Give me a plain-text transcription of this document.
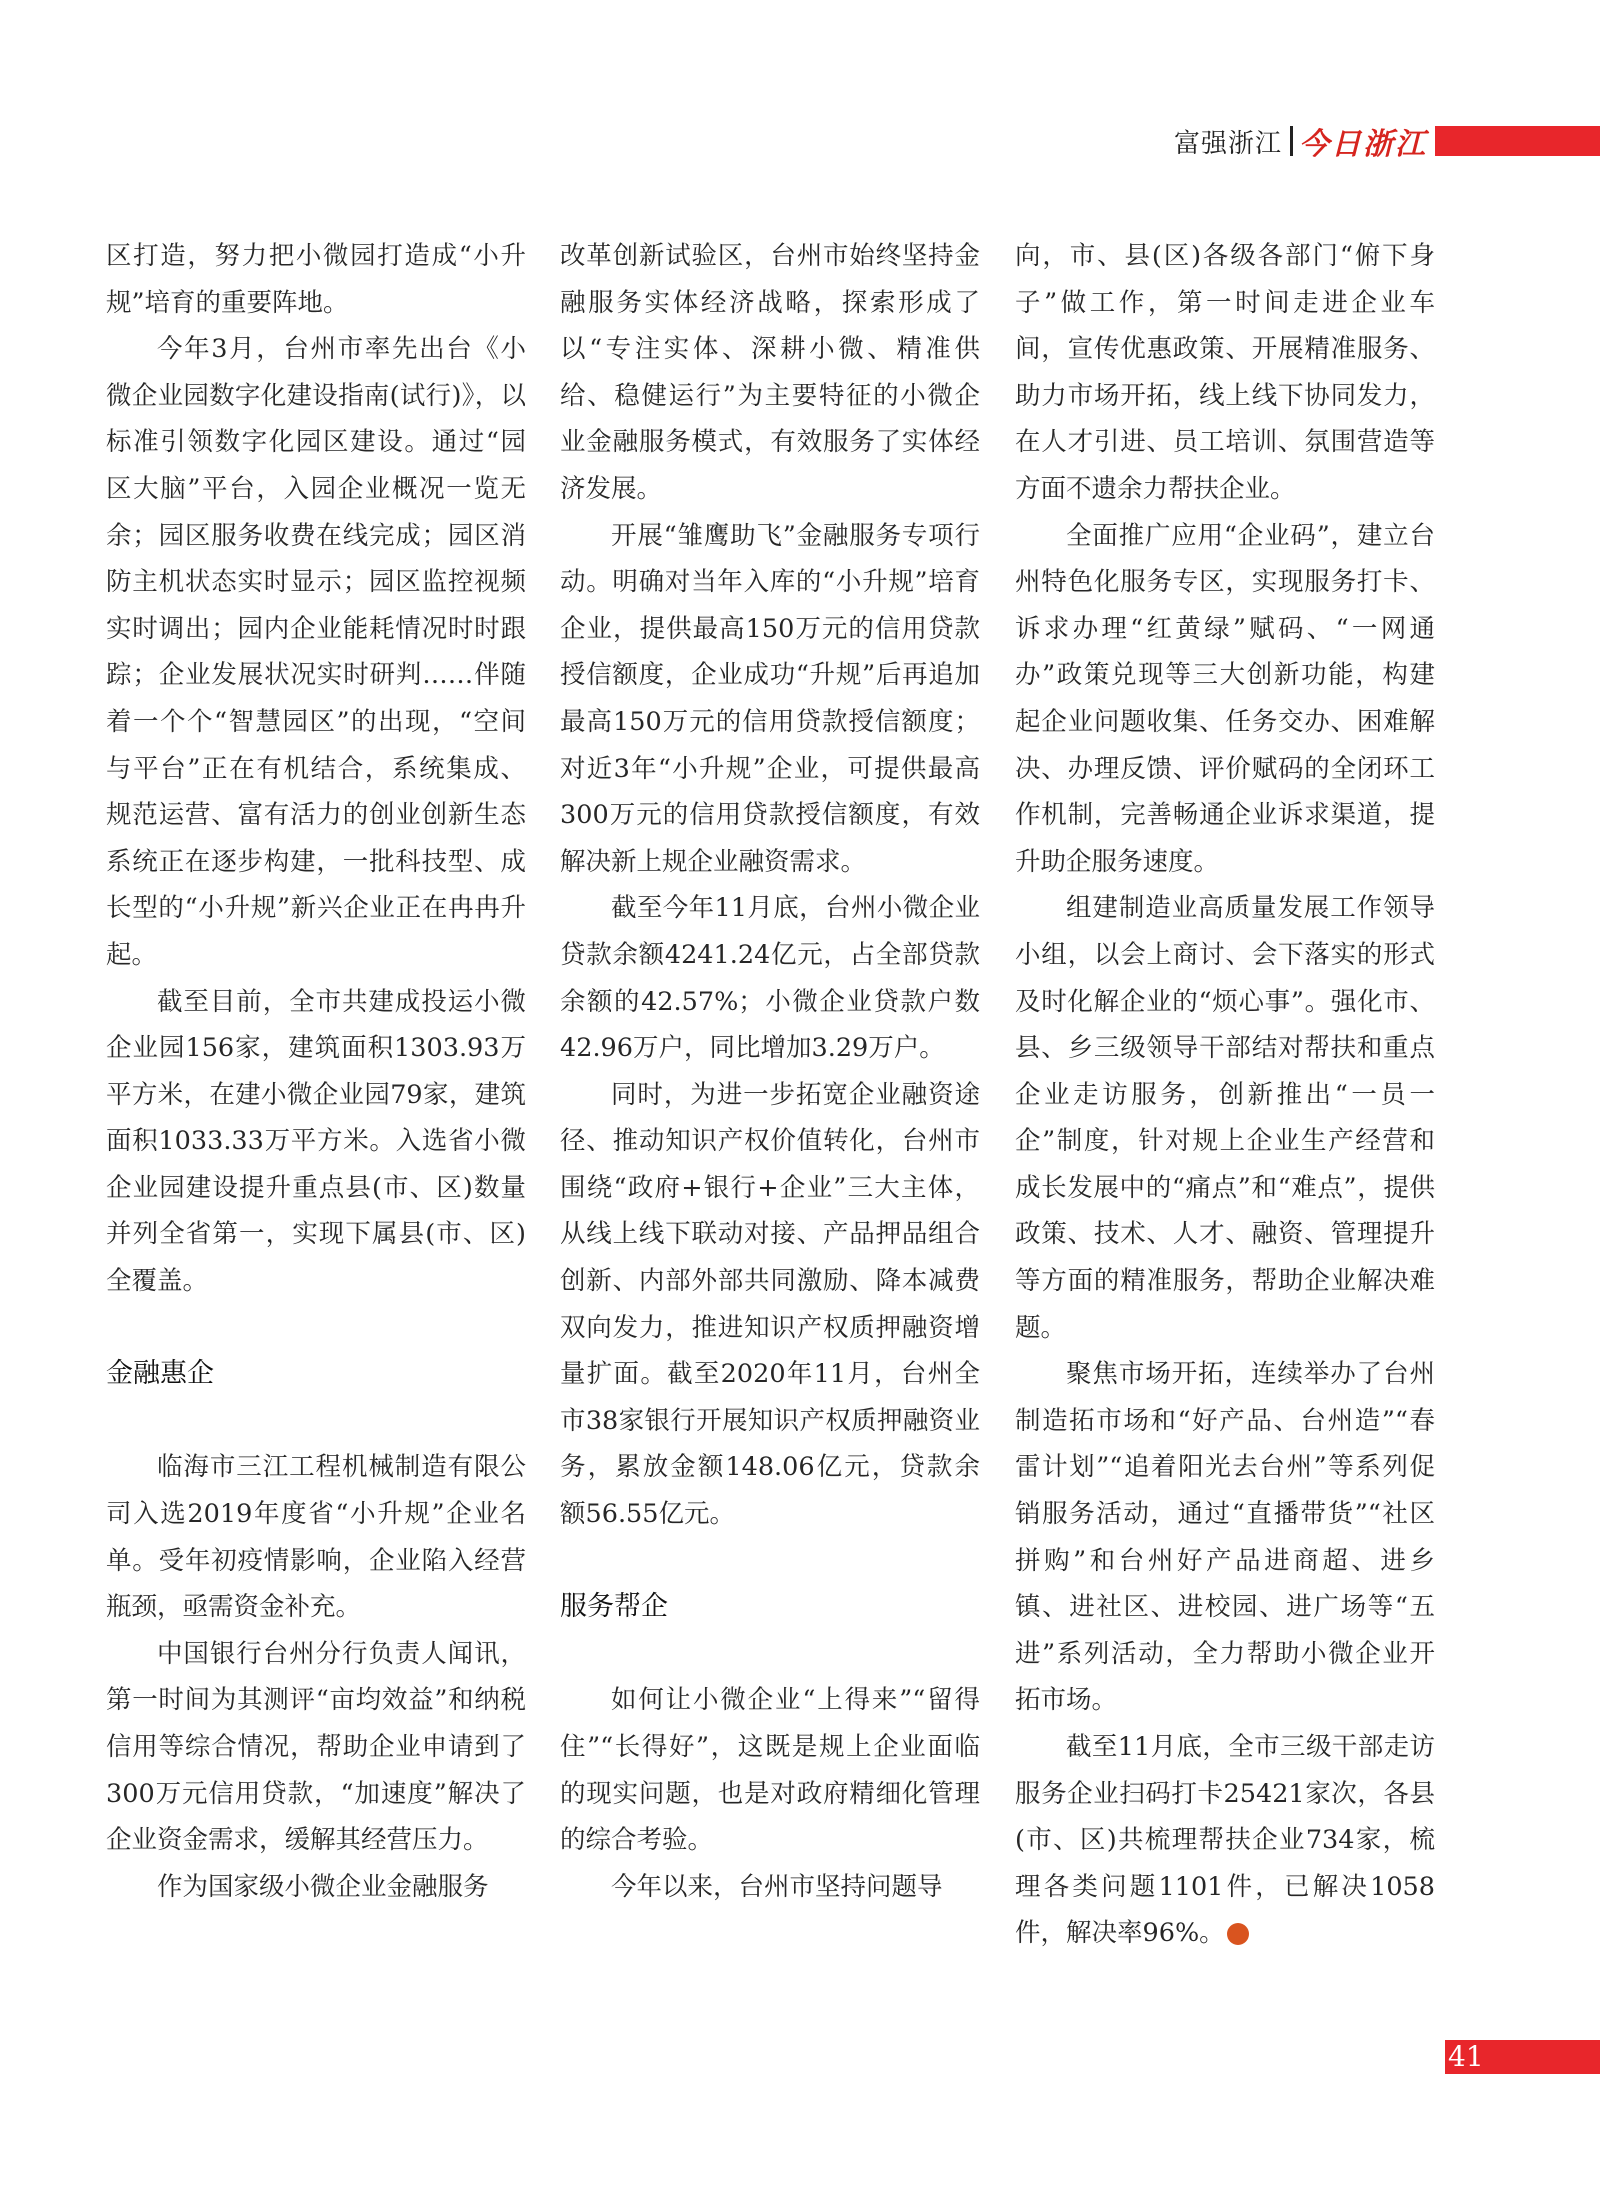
富强浙江 今日浙江

区打造，努力把小微园打造成“小升规”培育的重要阵地。

今年3月，台州市率先出台《小微企业园数字化建设指南(试行)》，以标准引领数字化园区建设。通过“园区大脑”平台，入园企业概况一览无余；园区服务收费在线完成；园区消防主机状态实时显示；园区监控视频实时调出；园内企业能耗情况时时跟踪；企业发展状况实时研判……伴随着一个个“智慧园区”的出现，“空间与平台”正在有机结合，系统集成、规范运营、富有活力的创业创新生态系统正在逐步构建，一批科技型、成长型的“小升规”新兴企业正在冉冉升起。

截至目前，全市共建成投运小微企业园156家，建筑面积1303.93万平方米，在建小微企业园79家，建筑面积1033.33万平方米。入选省小微企业园建设提升重点县(市、区)数量并列全省第一，实现下属县(市、区)全覆盖。

金融惠企

临海市三江工程机械制造有限公司入选2019年度省“小升规”企业名单。受年初疫情影响，企业陷入经营瓶颈，亟需资金补充。

中国银行台州分行负责人闻讯，第一时间为其测评“亩均效益”和纳税信用等综合情况，帮助企业申请到了300万元信用贷款，“加速度”解决了企业资金需求，缓解其经营压力。

作为国家级小微企业金融服务

改革创新试验区，台州市始终坚持金融服务实体经济战略，探索形成了以“专注实体、深耕小微、精准供给、稳健运行”为主要特征的小微企业金融服务模式，有效服务了实体经济发展。

开展“雏鹰助飞”金融服务专项行动。明确对当年入库的“小升规”培育企业，提供最高150万元的信用贷款授信额度，企业成功“升规”后再追加最高150万元的信用贷款授信额度；对近3年“小升规”企业，可提供最高300万元的信用贷款授信额度，有效解决新上规企业融资需求。

截至今年11月底，台州小微企业贷款余额4241.24亿元，占全部贷款余额的42.57%；小微企业贷款户数42.96万户，同比增加3.29万户。

同时，为进一步拓宽企业融资途径、推动知识产权价值转化，台州市围绕“政府+银行+企业”三大主体，从线上线下联动对接、产品押品组合创新、内部外部共同激励、降本减费双向发力，推进知识产权质押融资增量扩面。截至2020年11月，台州全市38家银行开展知识产权质押融资业务，累放金额148.06亿元，贷款余额56.55亿元。

服务帮企

如何让小微企业“上得来”“留得住”“长得好”，这既是规上企业面临的现实问题，也是对政府精细化管理的综合考验。

今年以来，台州市坚持问题导

向，市、县(区)各级各部门“俯下身子”做工作，第一时间走进企业车间，宣传优惠政策、开展精准服务、助力市场开拓，线上线下协同发力，在人才引进、员工培训、氛围营造等方面不遗余力帮扶企业。

全面推广应用“企业码”，建立台州特色化服务专区，实现服务打卡、诉求办理“红黄绿”赋码、“一网通办”政策兑现等三大创新功能，构建起企业问题收集、任务交办、困难解决、办理反馈、评价赋码的全闭环工作机制，完善畅通企业诉求渠道，提升助企服务速度。

组建制造业高质量发展工作领导小组，以会上商讨、会下落实的形式及时化解企业的“烦心事”。强化市、县、乡三级领导干部结对帮扶和重点企业走访服务，创新推出“一员一企”制度，针对规上企业生产经营和成长发展中的“痛点”和“难点”，提供政策、技术、人才、融资、管理提升等方面的精准服务，帮助企业解决难题。

聚焦市场开拓，连续举办了台州制造拓市场和“好产品、台州造”“春雷计划”“追着阳光去台州”等系列促销服务活动，通过“直播带货”“社区拼购”和台州好产品进商超、进乡镇、进社区、进校园、进广场等“五进”系列活动，全力帮助小微企业开拓市场。

截至11月底，全市三级干部走访服务企业扫码打卡25421家次，各县(市、区)共梳理帮扶企业734家，梳理各类问题1101件，已解决1058件，解决率96%。	今

41
